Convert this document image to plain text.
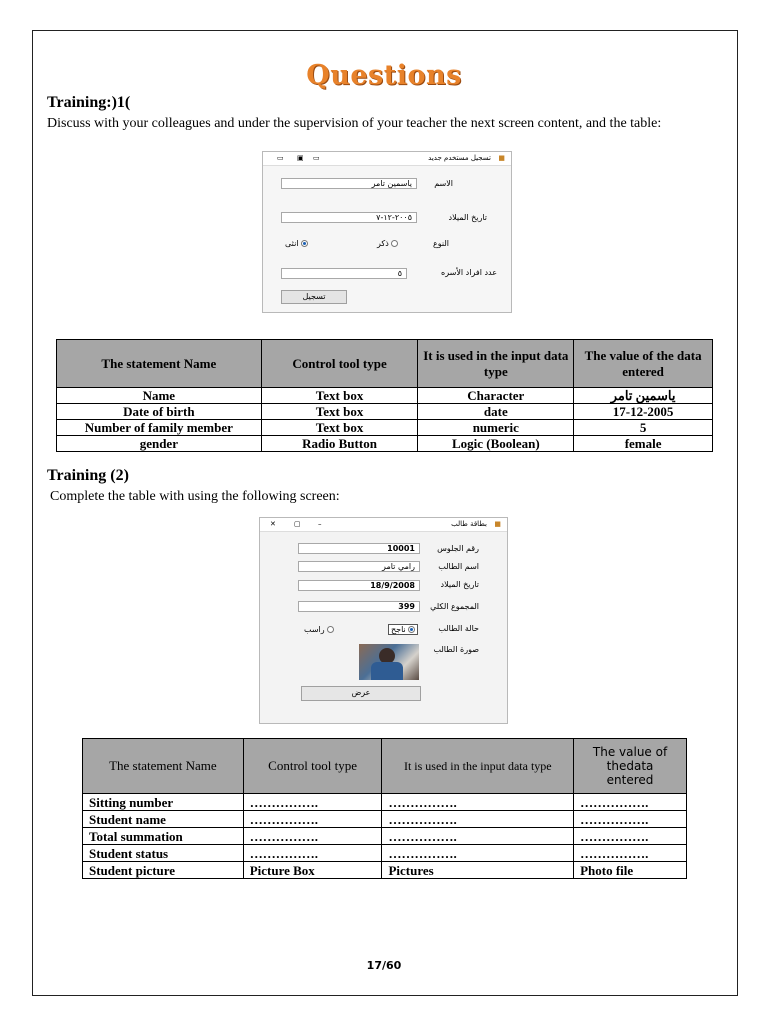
Questions
Training:)1(
Discuss with your colleagues and under the supervision of your teacher the next screen content, and the table:
▭ ▣ ▭	تسجيل مستخدم جديد ■
ياسمين تامر	الاسم
٢٠٠٥-١٢-٧	تاريخ الميلاد
انثى	ذكر	النوع
٥	عدد افراد الأسره
تسجيل
The statement Name	Control tool type	It is used in the input data type	The value of the data entered
Name	Text box	Character	ياسمين تامر
Date of birth	Text box	date	17-12-2005
Number of family member	Text box	numeric	5
gender	Radio Button	Logic (Boolean)	female
Training (2)
Complete the table with using the following screen:
✕	▢ –	بطاقة طالب ■
10001	رقم الجلوس
رامي تامر	اسم الطالب
18/9/2008	تاريخ الميلاد
399	المجموع الكلي
ناجح
راسب	حالة الطالب
صورة الطالب
عرض
The statement Name	Control tool type	It is used in the input data type	The value of thedata entered
Sitting number	…………….	…………….	…………….
Student name	…………….	…………….	…………….
Total summation	…………….	…………….	…………….
Student status	…………….	…………….	…………….
Student picture	Picture Box	Pictures	Photo file
17/60
